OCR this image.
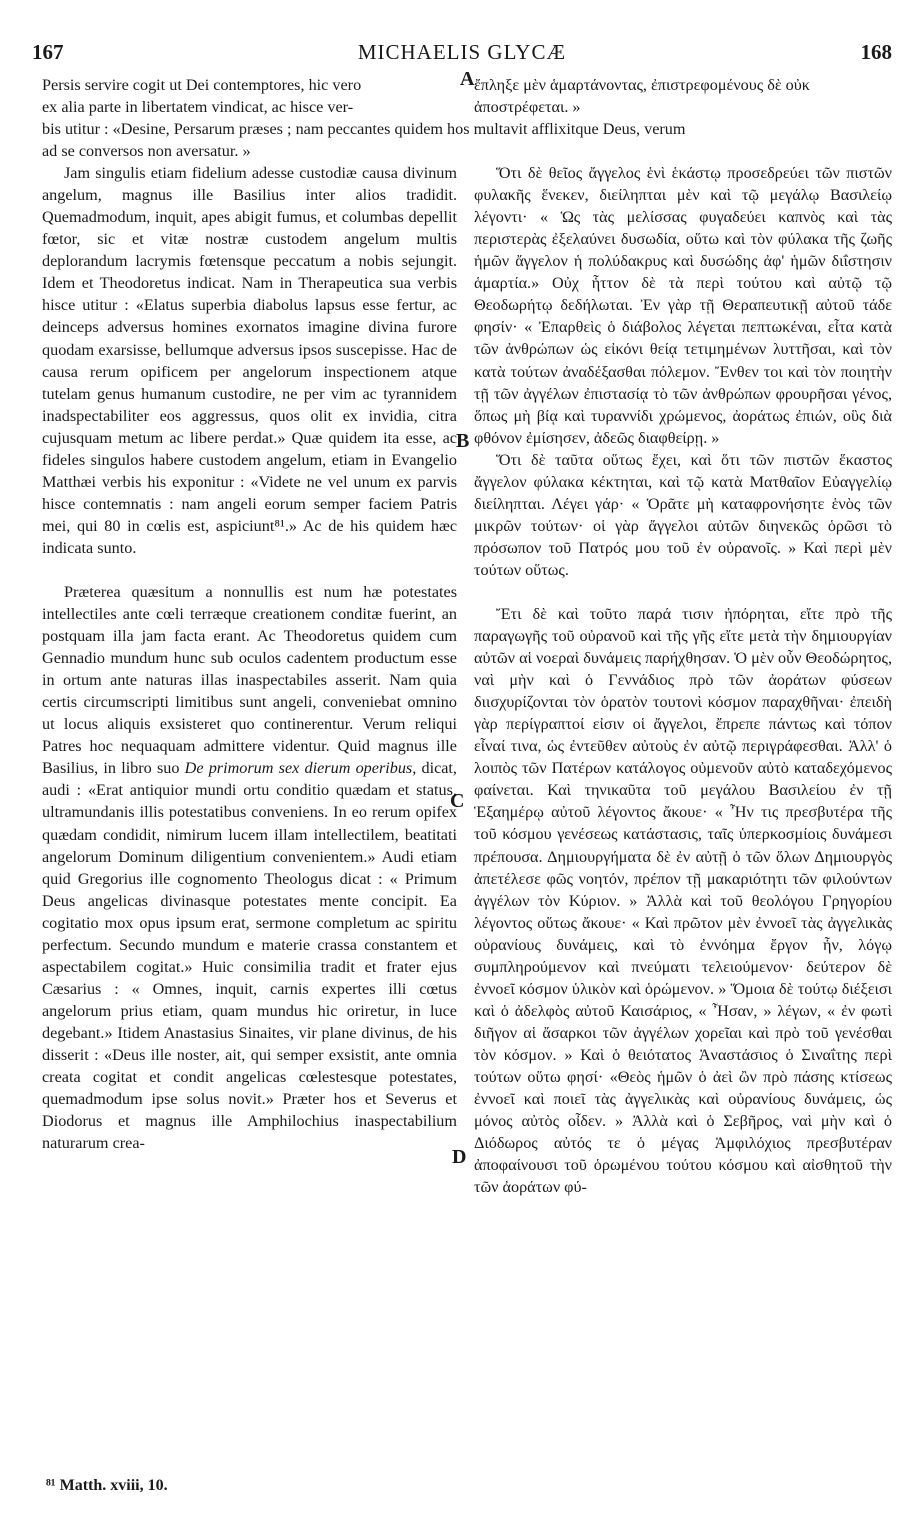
167	MICHAELIS GLYCÆ	168

Persis servire cogit ut Dei contemptores, hic vero

ex alia parte in libertatem vindicat, ac hisce ver-

ad se conversos non aversatur. »

Jam singulis etiam fidelium adesse custodiæ causa divinum angelum, magnus ille Basilius inter alios tradidit. Quemadmodum, inquit, apes abigit fumus, et columbas depellit fœtor, sic et vitæ nostræ custodem angelum multis deplorandum lacrymis fœtensque peccatum a nobis sejungit. Idem et Theodoretus indicat. Nam in Therapeutica sua verbis hisce utitur : «Elatus superbia diabolus lapsus esse fertur, ac deinceps adversus homines exornatos imagine divina furore quodam exarsisse, bellumque adversus ipsos suscepisse. Hac de causa rerum opificem per angelorum inspectionem atque tutelam genus humanum custodire, ne per vim ac tyrannidem inadspectabiliter eos aggressus, quos olit ex invidia, citra cujusquam metum ac libere perdat.» Quæ quidem ita esse, ac fideles singulos habere custodem angelum, etiam in Evangelio Matthæi verbis his exponitur : «Videte ne vel unum ex parvis hisce contemnatis : nam angeli eorum semper faciem Patris mei, qui 80 in cœlis est, aspiciunt⁸¹.» Ac de his quidem hæc indicata sunto.

Præterea quæsitum a nonnullis est num hæ potestates intellectiles ante cœli terræque creationem conditæ fuerint, an postquam illa jam facta erant. Ac Theodoretus quidem cum Gennadio mundum hunc sub oculos cadentem productum esse in ortum ante naturas illas inaspectabiles asserit. Nam quia certis circumscripti limitibus sunt angeli, conveniebat omnino ut locus aliquis exsisteret quo continerentur. Verum reliqui Patres hoc nequaquam admittere videntur. Quid magnus ille Basilius, in libro suo De primorum sex dierum operibus, dicat, audi : «Erat antiquior mundi ortu conditio quædam et status, ultramundanis illis potestatibus conveniens. In eo rerum opifex quædam condidit, nimirum lucem illam intellectilem, beatitati angelorum Dominum diligentium convenientem.» Audi etiam quid Gregorius ille cognomento Theologus dicat : « Primum Deus angelicas divinasque potestates mente concipit. Ea cogitatio mox opus ipsum erat, sermone completum ac spiritu perfectum. Secundo mundum e materie crassa constantem et aspectabilem cogitat.» Huic consimilia tradit et frater ejus Cæsarius : « Omnes, inquit, carnis expertes illi cœtus angelorum prius etiam, quam mundus hic oriretur, in luce degebant.» Itidem Anastasius Sinaites, vir plane divinus, de his disserit : «Deus ille noster, ait, qui semper exsistit, ante omnia creata cogitat et condit angelicas cœlestesque potestates, quemadmodum ipse solus novit.» Præter hos et Severus et Diodorus et magnus ille Amphilochius inaspectabilium naturarum crea-

bis utitur : «Desine, Persarum præses ; nam peccantes quidem hos multavit afflixitque Deus, verum

ἔπληξε μὲν ἁμαρτάνοντας, ἐπιστρεφομένους δὲ οὐκ

ἀποστρέφεται. »

Ὅτι δὲ θεῖος ἄγγελος ἑνὶ ἑκάστῳ προσεδρεύει τῶν πιστῶν φυλακῆς ἕνεκεν, διείληπται μὲν καὶ τῷ μεγάλῳ Βασιλείῳ λέγοντι· « Ὡς τὰς μελίσσας φυγαδεύει καπνὸς καὶ τὰς περιστερὰς ἐξελαύνει δυσωδία, οὕτω καὶ τὸν φύλακα τῆς ζωῆς ἡμῶν ἄγγελον ἡ πολύδακρυς καὶ δυσώδης ἀφ' ἡμῶν διΐστησιν ἁμαρτία.» Οὐχ ἧττον δὲ τὰ περὶ τούτου καὶ αὐτῷ τῷ Θεοδωρήτῳ δεδήλωται. Ἐν γὰρ τῇ Θεραπευτικῇ αὐτοῦ τάδε φησίν· « Ἐπαρθεὶς ὁ διάβολος λέγεται πεπτωκέναι, εἶτα κατὰ τῶν ἀνθρώπων ὡς εἰκόνι θείᾳ τετιμημένων λυττῆσαι, καὶ τὸν κατὰ τούτων ἀναδέξασθαι πόλεμον. Ἔνθεν τοι καὶ τὸν ποιητὴν τῇ τῶν ἀγγέλων ἐπιστασίᾳ τὸ τῶν ἀνθρώπων φρουρῆσαι γένος, ὅπως μὴ βίᾳ καὶ τυραννίδι χρώμενος, ἀοράτως ἐπιών, οὓς διὰ φθόνον ἐμίσησεν, ἀδεῶς διαφθείρῃ. »

Ὅτι δὲ ταῦτα οὕτως ἔχει, καὶ ὅτι τῶν πιστῶν ἕκαστος ἄγγελον φύλακα κέκτηται, καὶ τῷ κατὰ Ματθαῖον Εὐαγγελίῳ διείληπται. Λέγει γάρ· « Ὁρᾶτε μὴ καταφρονήσητε ἑνὸς τῶν μικρῶν τούτων· οἱ γὰρ ἄγγελοι αὐτῶν διηνεκῶς ὁρῶσι τὸ πρόσωπον τοῦ Πατρός μου τοῦ ἐν οὐρανοῖς. » Καὶ περὶ μὲν τούτων οὕτως.

Ἔτι δὲ καὶ τοῦτο παρά τισιν ἠπόρηται, εἴτε πρὸ τῆς παραγωγῆς τοῦ οὐρανοῦ καὶ τῆς γῆς εἴτε μετὰ τὴν δημιουργίαν αὐτῶν αἱ νοεραὶ δυνάμεις παρήχθησαν. Ὁ μὲν οὖν Θεοδώρητος, ναὶ μὴν καὶ ὁ Γεννάδιος πρὸ τῶν ἀοράτων φύσεων διισχυρίζονται τὸν ὁρατὸν τουτονὶ κόσμον παραχθῆναι· ἐπειδὴ γὰρ περίγραπτοί εἰσιν οἱ ἄγγελοι, ἔπρεπε πάντως καὶ τόπον εἶναί τινα, ὡς ἐντεῦθεν αὐτοὺς ἐν αὐτῷ περιγράφεσθαι. Ἀλλ' ὁ λοιπὸς τῶν Πατέρων κατάλογος οὐμενοῦν αὐτὸ καταδεχόμενος φαίνεται. Καὶ τηνικαῦτα τοῦ μεγάλου Βασιλείου ἐν τῇ Ἑξαημέρῳ αὐτοῦ λέγοντος ἄκουε· « Ἦν τις πρεσβυτέρα τῆς τοῦ κόσμου γενέσεως κατάστασις, ταῖς ὑπερκοσμίοις δυνάμεσι πρέπουσα. Δημιουργήματα δὲ ἐν αὐτῇ ὁ τῶν ὅλων Δημιουργὸς ἀπετέλεσε φῶς νοητόν, πρέπον τῇ μακαριότητι τῶν φιλούντων ἀγγέλων τὸν Κύριον. » Ἀλλὰ καὶ τοῦ θεολόγου Γρηγορίου λέγοντος οὕτως ἄκουε· « Καὶ πρῶτον μὲν ἐννοεῖ τὰς ἀγγελικὰς οὐρανίους δυνάμεις, καὶ τὸ ἐννόημα ἔργον ἦν, λόγῳ συμπληρούμενον καὶ πνεύματι τελειούμενον· δεύτερον δὲ ἐννοεῖ κόσμον ὑλικὸν καὶ ὁρώμενον. » Ὅμοια δὲ τούτῳ διέξεισι καὶ ὁ ἀδελφὸς αὐτοῦ Καισάριος, « Ἦσαν, » λέγων, « ἐν φωτὶ διῆγον αἱ ἄσαρκοι τῶν ἀγγέλων χορεῖαι καὶ πρὸ τοῦ γενέσθαι τὸν κόσμον. » Καὶ ὁ θειότατος Ἀναστάσιος ὁ Σιναΐτης περὶ τούτων οὕτω φησί· «Θεὸς ἡμῶν ὁ ἀεὶ ὢν πρὸ πάσης κτίσεως ἐννοεῖ καὶ ποιεῖ τὰς ἀγγελικὰς καὶ οὐρανίους δυνάμεις, ὡς μόνος αὐτὸς οἶδεν. » Ἀλλὰ καὶ ὁ Σεβῆρος, ναὶ μὴν καὶ ὁ Διόδωρος αὐτός τε ὁ μέγας Ἀμφιλόχιος πρεσβυτέραν ἀποφαίνουσι τοῦ ὁρωμένου τούτου κόσμου καὶ αἰσθητοῦ τὴν τῶν ἀοράτων φύ-

A
B
C
D
⁸¹ Matth. xviii, 10.
